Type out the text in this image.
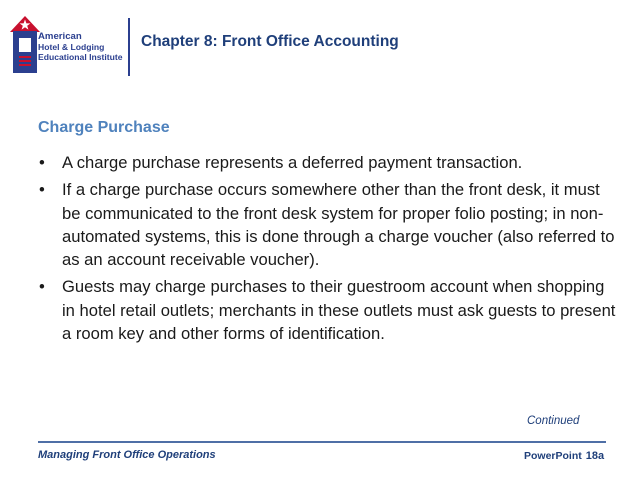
American
Hotel & Lodging
Educational Institute
Chapter 8: Front Office Accounting
Charge Purchase
• A charge purchase represents a deferred payment transaction.
• If a charge purchase occurs somewhere other than the front desk, it must be communicated to the front desk system for proper folio posting; in non-automated systems, this is done through a charge voucher (also referred to as an account receivable voucher).
• Guests may charge purchases to their guestroom account when shopping in hotel retail outlets; merchants in these outlets must ask guests to present a room key and other forms of identification.
Continued
Managing Front Office Operations	PowerPoint 18a
